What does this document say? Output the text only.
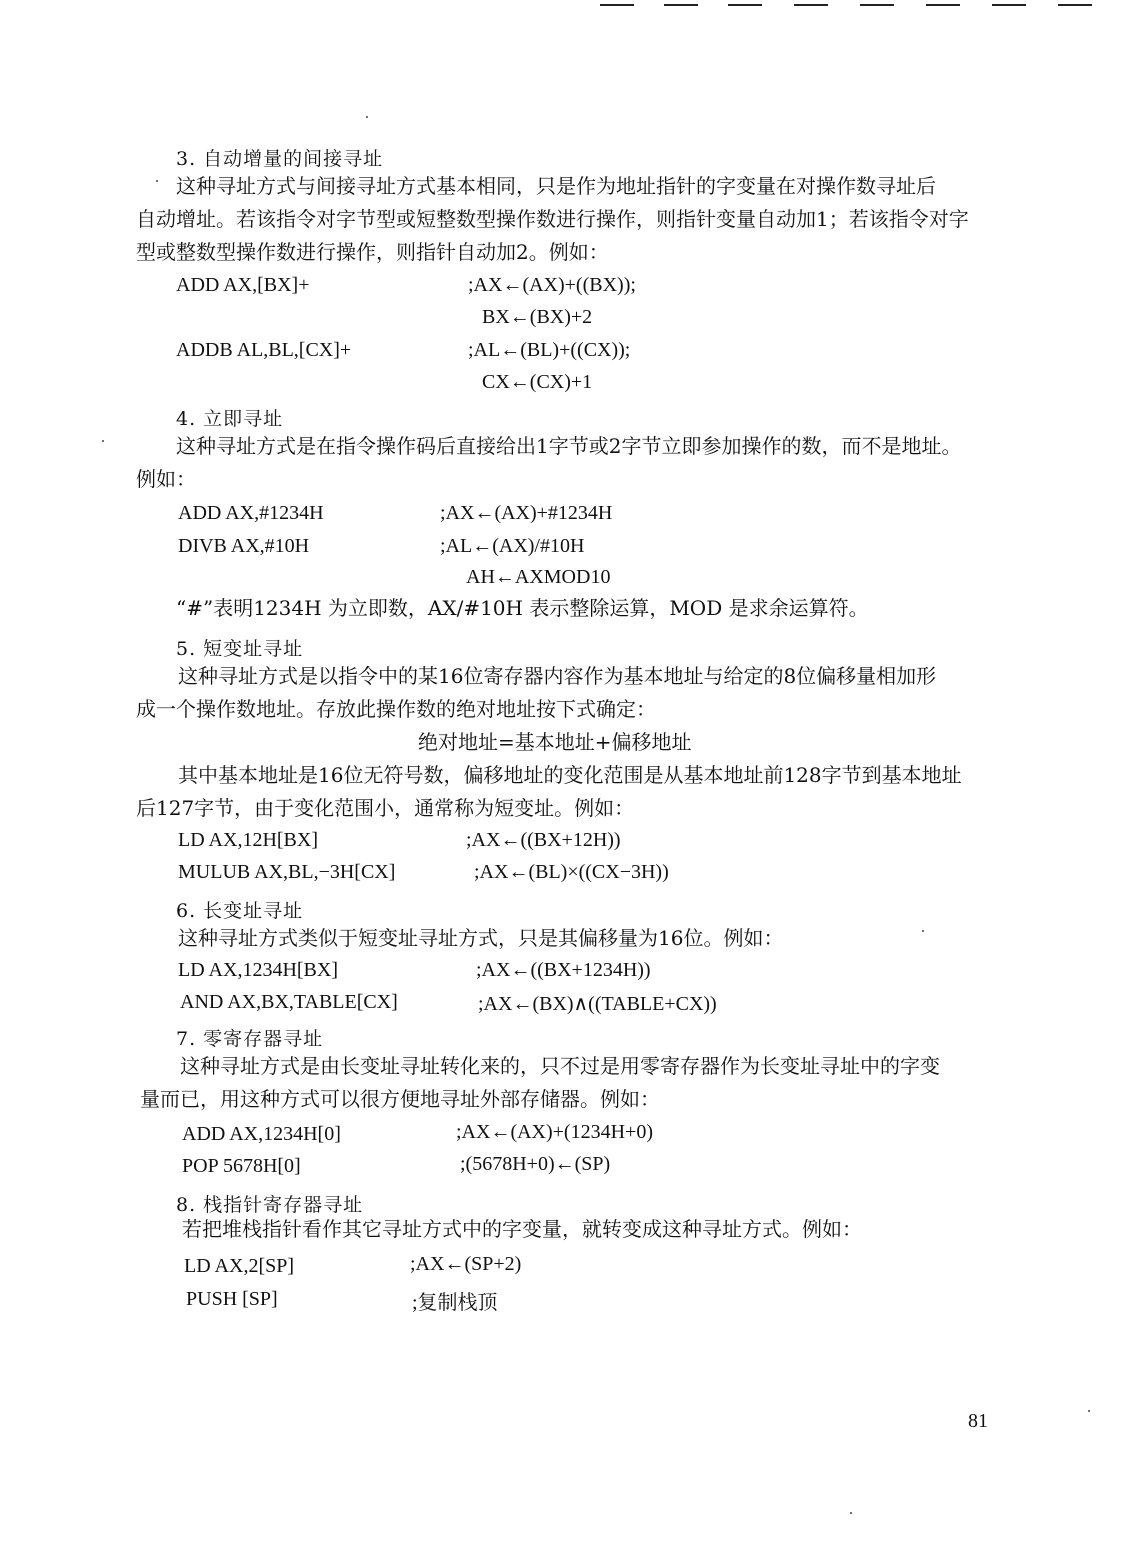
3. 自动增量的间接寻址
这种寻址方式与间接寻址方式基本相同，只是作为地址指针的字变量在对操作数寻址后
自动增址。若该指令对字节型或短整数型操作数进行操作，则指针变量自动加1；若该指令对字
型或整数型操作数进行操作，则指针自动加2。例如：
ADD AX,[BX]+	;AX←(AX)+((BX));
BX←(BX)+2
ADDB AL,BL,[CX]+	;AL←(BL)+((CX));
CX←(CX)+1
4. 立即寻址
这种寻址方式是在指令操作码后直接给出1字节或2字节立即参加操作的数，而不是地址。
例如：
ADD AX,#1234H	;AX←(AX)+#1234H
DIVB AX,#10H	;AL←(AX)/#10H
AH←AXMOD10
“#”表明1234H 为立即数，AX/#10H 表示整除运算，MOD 是求余运算符。
5. 短变址寻址
这种寻址方式是以指令中的某16位寄存器内容作为基本地址与给定的8位偏移量相加形
成一个操作数地址。存放此操作数的绝对地址按下式确定：
绝对地址=基本地址+偏移地址
其中基本地址是16位无符号数，偏移地址的变化范围是从基本地址前128字节到基本地址
后127字节，由于变化范围小，通常称为短变址。例如：
LD AX,12H[BX]	;AX←((BX+12H))
MULUB AX,BL,−3H[CX]	;AX←(BL)×((CX−3H))
6. 长变址寻址
这种寻址方式类似于短变址寻址方式，只是其偏移量为16位。例如：
LD AX,1234H[BX]	;AX←((BX+1234H))
AND AX,BX,TABLE[CX]	;AX←(BX)∧((TABLE+CX))
7. 零寄存器寻址
这种寻址方式是由长变址寻址转化来的，只不过是用零寄存器作为长变址寻址中的字变
量而已，用这种方式可以很方便地寻址外部存储器。例如：
ADD AX,1234H[0]	;AX←(AX)+(1234H+0)
POP 5678H[0]	;(5678H+0)←(SP)
8. 栈指针寄存器寻址
若把堆栈指针看作其它寻址方式中的字变量，就转变成这种寻址方式。例如：
LD AX,2[SP]	;AX←(SP+2)
PUSH [SP]	;复制栈顶
81
